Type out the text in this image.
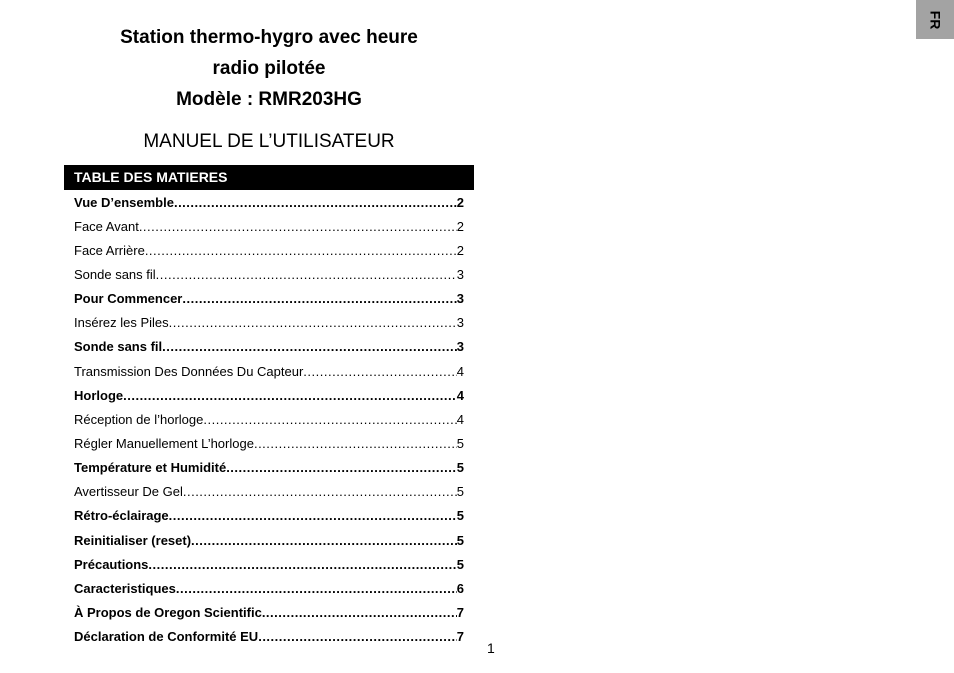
Station thermo-hygro avec heure
radio pilotée
Modèle : RMR203HG
MANUEL DE L’UTILISATEUR
TABLE DES MATIERES
Vue D’ensemble .....	2
Face Avant .....	2
Face Arrière .....	2
Sonde sans fil .....	3
Pour Commencer .....	3
Insérez les Piles .....	3
Sonde sans fil .....	3
Transmission Des Données Du Capteur .....	4
Horloge .....	4
Réception de l’horloge .....	4
Régler Manuellement L’horloge .....	5
Température et Humidité .....	5
Avertisseur De Gel .....	5
Rétro-éclairage .....	5
Reinitialiser (reset) .....	5
Précautions .....	5
Caracteristiques .....	6
À Propos de Oregon Scientific .....	7
Déclaration de Conformité EU .....	7
1
FR
